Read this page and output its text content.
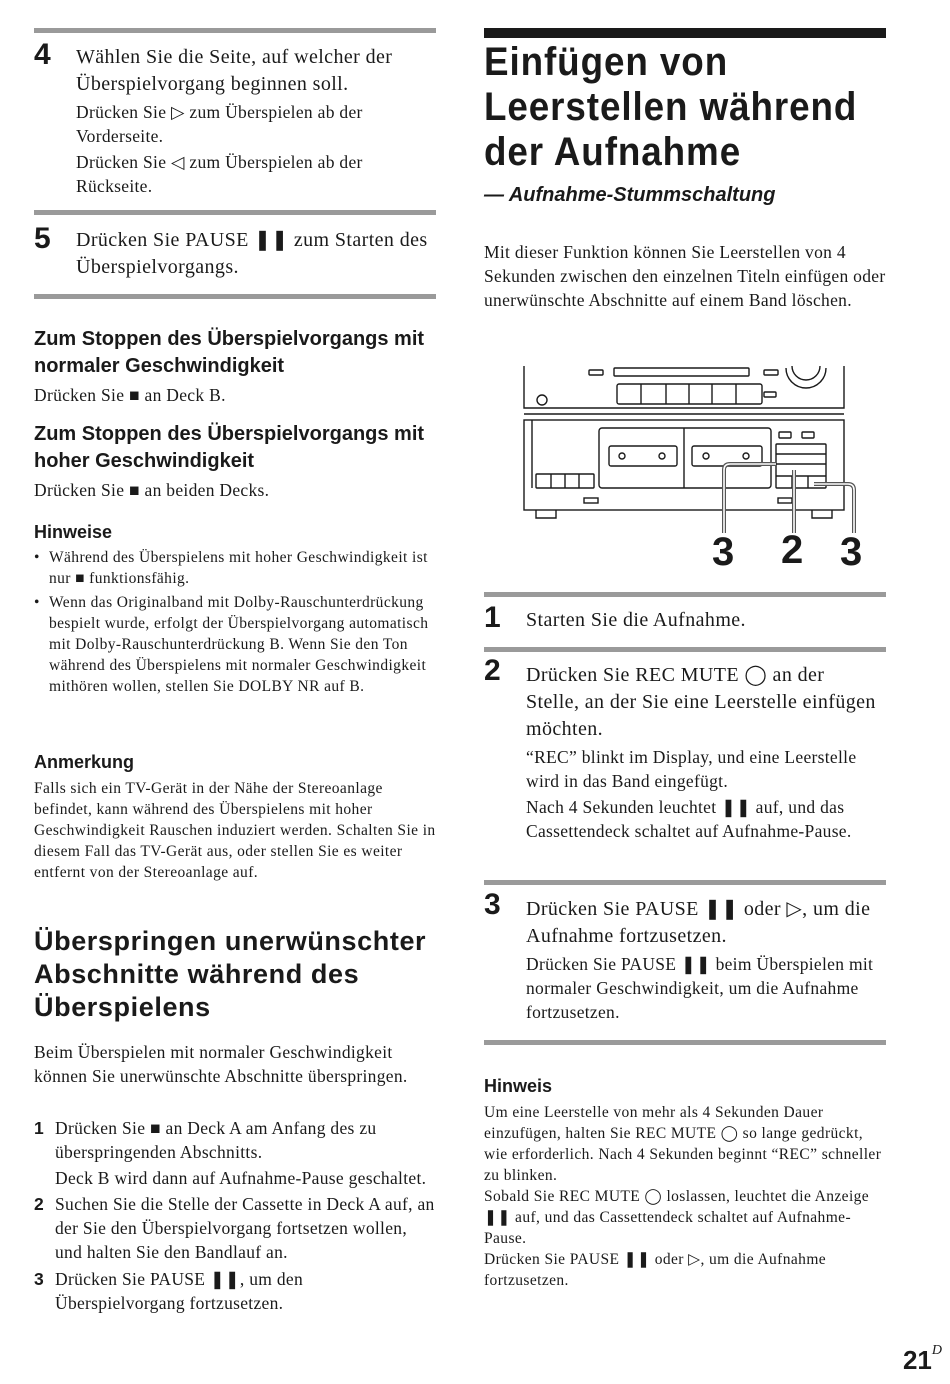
4 Wählen Sie die Seite, auf welcher der Überspielvorgang beginnen soll.
Drücken Sie ▷ zum Überspielen ab der Vorderseite.
Drücken Sie ◁ zum Überspielen ab der Rückseite.
5 Drücken Sie PAUSE ❚❚ zum Starten des Überspielvorgangs.
Zum Stoppen des Überspielvorgangs mit normaler Geschwindigkeit
Drücken Sie ■ an Deck B.
Zum Stoppen des Überspielvorgangs mit hoher Geschwindigkeit
Drücken Sie ■ an beiden Decks.
Hinweise
• Während des Überspielens mit hoher Geschwindigkeit ist nur ■ funktionsfähig.
• Wenn das Originalband mit Dolby-Rauschunterdrückung bespielt wurde, erfolgt der Überspielvorgang automatisch mit Dolby-Rauschunterdrückung B. Wenn Sie den Ton während des Überspielens mit normaler Geschwindigkeit mithören wollen, stellen Sie DOLBY NR auf B.
Anmerkung
Falls sich ein TV-Gerät in der Nähe der Stereoanlage befindet, kann während des Überspielens mit hoher Geschwindigkeit Rauschen induziert werden. Schalten Sie in diesem Fall das TV-Gerät aus, oder stellen Sie es weiter entfernt von der Stereoanlage auf.
Überspringen unerwünschter Abschnitte während des Überspielens
Beim Überspielen mit normaler Geschwindigkeit können Sie unerwünschte Abschnitte überspringen.
1 Drücken Sie ■ an Deck A am Anfang des zu überspringenden Abschnitts.
Deck B wird dann auf Aufnahme-Pause geschaltet.
2 Suchen Sie die Stelle der Cassette in Deck A auf, an der Sie den Überspielvorgang fortsetzen wollen, und halten Sie den Bandlauf an.
3 Drücken Sie PAUSE ❚❚, um den Überspielvorgang fortzusetzen.
Einfügen von Leerstellen während der Aufnahme
— Aufnahme-Stummschaltung
Mit dieser Funktion können Sie Leerstellen von 4 Sekunden zwischen den einzelnen Titeln einfügen oder unerwünschte Abschnitte auf einem Band löschen.
3 2 3
1 Starten Sie die Aufnahme.
2 Drücken Sie REC MUTE ◯ an der Stelle, an der Sie eine Leerstelle einfügen möchten.
“REC” blinkt im Display, und eine Leerstelle wird in das Band eingefügt.
Nach 4 Sekunden leuchtet ❚❚ auf, und das Cassettendeck schaltet auf Aufnahme-Pause.
3 Drücken Sie PAUSE ❚❚ oder ▷, um die Aufnahme fortzusetzen.
Drücken Sie PAUSE ❚❚ beim Überspielen mit normaler Geschwindigkeit, um die Aufnahme fortzusetzen.
Hinweis
Um eine Leerstelle von mehr als 4 Sekunden Dauer einzufügen, halten Sie REC MUTE ◯ so lange gedrückt, wie erforderlich. Nach 4 Sekunden beginnt “REC” schneller zu blinken.
Sobald Sie REC MUTE ◯ loslassen, leuchtet die Anzeige ❚❚ auf, und das Cassettendeck schaltet auf Aufnahme-Pause.
Drücken Sie PAUSE ❚❚ oder ▷, um die Aufnahme fortzusetzen.
$21^D$
